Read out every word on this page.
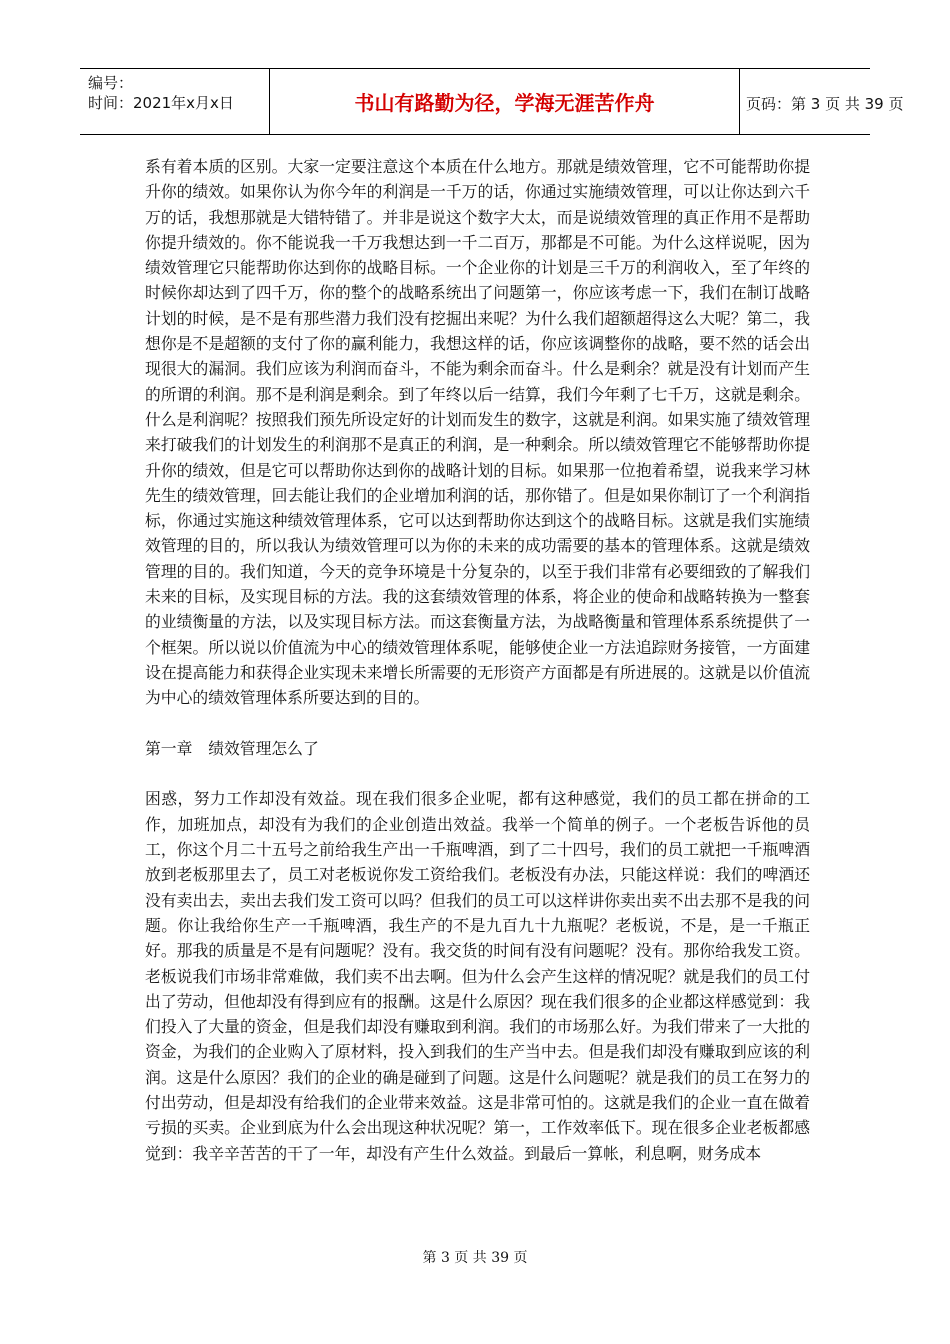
编号：
时间：2021年x月x日	书山有路勤为径，学海无涯苦作舟	页码：第 3 页 共 39 页

系有着本质的区别。大家一定要注意这个本质在什么地方。那就是绩效管理，它不可能帮助你提升你的绩效。如果你认为你今年的利润是一千万的话，你通过实施绩效管理，可以让你达到六千万的话，我想那就是大错特错了。并非是说这个数字大太，而是说绩效管理的真正作用不是帮助你提升绩效的。你不能说我一千万我想达到一千二百万，那都是不可能。为什么这样说呢，因为绩效管理它只能帮助你达到你的战略目标。一个企业你的计划是三千万的利润收入，至了年终的时候你却达到了四千万，你的整个的战略系统出了问题第一，你应该考虑一下，我们在制订战略计划的时候，是不是有那些潜力我们没有挖掘出来呢？为什么我们超额超得这么大呢？第二，我想你是不是超额的支付了你的赢利能力，我想这样的话，你应该调整你的战略，要不然的话会出现很大的漏洞。我们应该为利润而奋斗，不能为剩余而奋斗。什么是剩余？就是没有计划而产生的所谓的利润。那不是利润是剩余。到了年终以后一结算，我们今年剩了七千万，这就是剩余。什么是利润呢？按照我们预先所设定好的计划而发生的数字，这就是利润。如果实施了绩效管理来打破我们的计划发生的利润那不是真正的利润，是一种剩余。所以绩效管理它不能够帮助你提升你的绩效，但是它可以帮助你达到你的战略计划的目标。如果那一位抱着希望，说我来学习林先生的绩效管理，回去能让我们的企业增加利润的话，那你错了。但是如果你制订了一个利润指标，你通过实施这种绩效管理体系，它可以达到帮助你达到这个的战略目标。这就是我们实施绩效管理的目的，所以我认为绩效管理可以为你的未来的成功需要的基本的管理体系。这就是绩效管理的目的。我们知道，今天的竞争环境是十分复杂的，以至于我们非常有必要细致的了解我们未来的目标，及实现目标的方法。我的这套绩效管理的体系，将企业的使命和战略转换为一整套的业绩衡量的方法，以及实现目标方法。而这套衡量方法，为战略衡量和管理体系系统提供了一个框架。所以说以价值流为中心的绩效管理体系呢，能够使企业一方法追踪财务接管，一方面建设在提高能力和获得企业实现未来增长所需要的无形资产方面都是有所进展的。这就是以价值流为中心的绩效管理体系所要达到的目的。

第一章　绩效管理怎么了

困惑，努力工作却没有效益。现在我们很多企业呢，都有这种感觉，我们的员工都在拼命的工作，加班加点，却没有为我们的企业创造出效益。我举一个简单的例子。一个老板告诉他的员工，你这个月二十五号之前给我生产出一千瓶啤酒，到了二十四号，我们的员工就把一千瓶啤酒放到老板那里去了，员工对老板说你发工资给我们。老板没有办法，只能这样说：我们的啤酒还没有卖出去，卖出去我们发工资可以吗？但我们的员工可以这样讲你卖出卖不出去那不是我的问题。你让我给你生产一千瓶啤酒，我生产的不是九百九十九瓶呢？老板说，不是，是一千瓶正好。那我的质量是不是有问题呢？没有。我交货的时间有没有问题呢？没有。那你给我发工资。老板说我们市场非常难做，我们卖不出去啊。但为什么会产生这样的情况呢？就是我们的员工付出了劳动，但他却没有得到应有的报酬。这是什么原因？现在我们很多的企业都这样感觉到：我们投入了大量的资金，但是我们却没有赚取到利润。我们的市场那么好。为我们带来了一大批的资金，为我们的企业购入了原材料，投入到我们的生产当中去。但是我们却没有赚取到应该的利润。这是什么原因？我们的企业的确是碰到了问题。这是什么问题呢？就是我们的员工在努力的付出劳动，但是却没有给我们的企业带来效益。这是非常可怕的。这就是我们的企业一直在做着亏损的买卖。企业到底为什么会出现这种状况呢？第一，工作效率低下。现在很多企业老板都感觉到：我辛辛苦苦的干了一年，却没有产生什么效益。到最后一算帐，利息啊，财务成本

第 3 页 共 39 页
